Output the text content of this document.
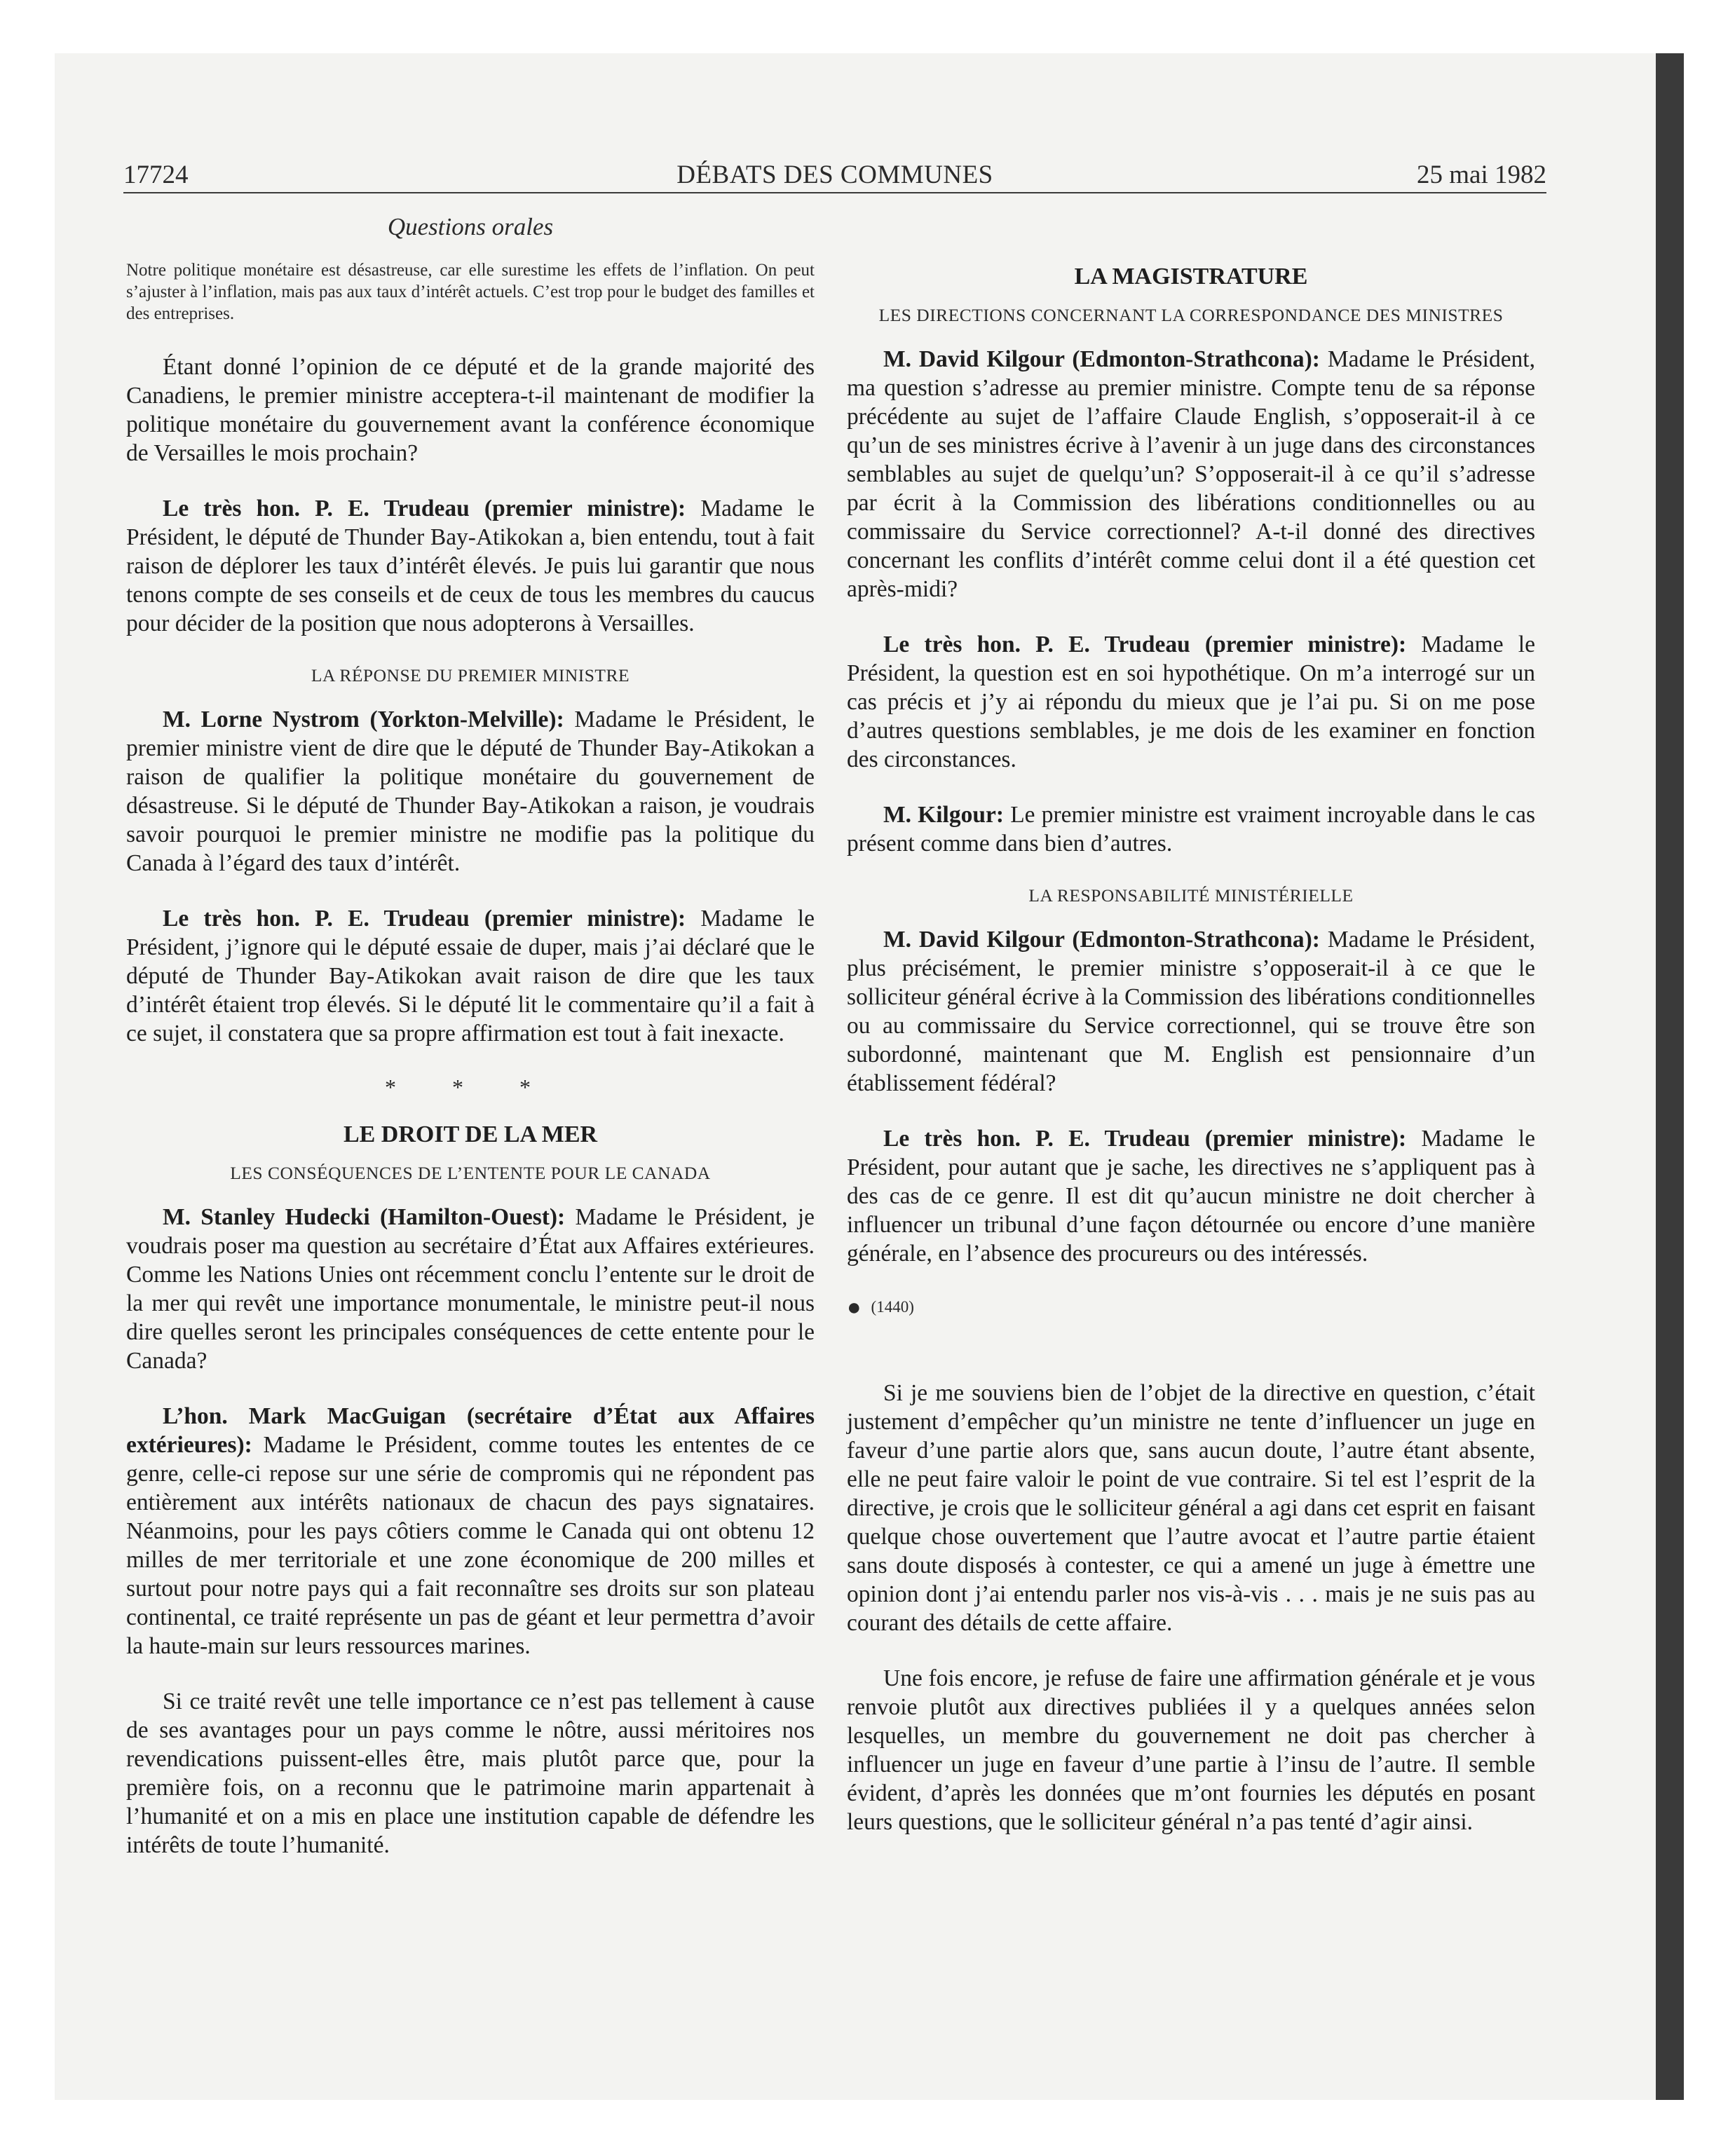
17724	DÉBATS DES COMMUNES	25 mai 1982
Questions orales
Notre politique monétaire est désastreuse, car elle surestime les effets de l’inflation. On peut s’ajuster à l’inflation, mais pas aux taux d’intérêt actuels. C’est trop pour le budget des familles et des entreprises.

Étant donné l’opinion de ce député et de la grande majorité des Canadiens, le premier ministre acceptera-t-il maintenant de modifier la politique monétaire du gouvernement avant la conférence économique de Versailles le mois prochain?

Le très hon. P. E. Trudeau (premier ministre): Madame le Président, le député de Thunder Bay-Atikokan a, bien entendu, tout à fait raison de déplorer les taux d’intérêt élevés. Je puis lui garantir que nous tenons compte de ses conseils et de ceux de tous les membres du caucus pour décider de la position que nous adopterons à Versailles.

LA RÉPONSE DU PREMIER MINISTRE

M. Lorne Nystrom (Yorkton-Melville): Madame le Président, le premier ministre vient de dire que le député de Thunder Bay-Atikokan a raison de qualifier la politique monétaire du gouvernement de désastreuse. Si le député de Thunder Bay-Atikokan a raison, je voudrais savoir pourquoi le premier ministre ne modifie pas la politique du Canada à l’égard des taux d’intérêt.

Le très hon. P. E. Trudeau (premier ministre): Madame le Président, j’ignore qui le député essaie de duper, mais j’ai déclaré que le député de Thunder Bay-Atikokan avait raison de dire que les taux d’intérêt étaient trop élevés. Si le député lit le commentaire qu’il a fait à ce sujet, il constatera que sa propre affirmation est tout à fait inexacte.

* * *
LE DROIT DE LA MER
LES CONSÉQUENCES DE L’ENTENTE POUR LE CANADA

M. Stanley Hudecki (Hamilton-Ouest): Madame le Président, je voudrais poser ma question au secrétaire d’État aux Affaires extérieures. Comme les Nations Unies ont récemment conclu l’entente sur le droit de la mer qui revêt une importance monumentale, le ministre peut-il nous dire quelles seront les principales conséquences de cette entente pour le Canada?

L’hon. Mark MacGuigan (secrétaire d’État aux Affaires extérieures): Madame le Président, comme toutes les ententes de ce genre, celle-ci repose sur une série de compromis qui ne répondent pas entièrement aux intérêts nationaux de chacun des pays signataires. Néanmoins, pour les pays côtiers comme le Canada qui ont obtenu 12 milles de mer territoriale et une zone économique de 200 milles et surtout pour notre pays qui a fait reconnaître ses droits sur son plateau continental, ce traité représente un pas de géant et leur permettra d’avoir la haute-main sur leurs ressources marines.

Si ce traité revêt une telle importance ce n’est pas tellement à cause de ses avantages pour un pays comme le nôtre, aussi méritoires nos revendications puissent-elles être, mais plutôt parce que, pour la première fois, on a reconnu que le patrimoine marin appartenait à l’humanité et on a mis en place une institution capable de défendre les intérêts de toute l’humanité.

LA MAGISTRATURE
LES DIRECTIONS CONCERNANT LA CORRESPONDANCE DES MINISTRES

M. David Kilgour (Edmonton-Strathcona): Madame le Président, ma question s’adresse au premier ministre. Compte tenu de sa réponse précédente au sujet de l’affaire Claude English, s’opposerait-il à ce qu’un de ses ministres écrive à l’avenir à un juge dans des circonstances semblables au sujet de quelqu’un? S’opposerait-il à ce qu’il s’adresse par écrit à la Commission des libérations conditionnelles ou au commissaire du Service correctionnel? A-t-il donné des directives concernant les conflits d’intérêt comme celui dont il a été question cet après-midi?

Le très hon. P. E. Trudeau (premier ministre): Madame le Président, la question est en soi hypothétique. On m’a interrogé sur un cas précis et j’y ai répondu du mieux que je l’ai pu. Si on me pose d’autres questions semblables, je me dois de les examiner en fonction des circonstances.

M. Kilgour: Le premier ministre est vraiment incroyable dans le cas présent comme dans bien d’autres.

LA RESPONSABILITÉ MINISTÉRIELLE

M. David Kilgour (Edmonton-Strathcona): Madame le Président, plus précisément, le premier ministre s’opposerait-il à ce que le solliciteur général écrive à la Commission des libérations conditionnelles ou au commissaire du Service correctionnel, qui se trouve être son subordonné, maintenant que M. English est pensionnaire d’un établissement fédéral?

Le très hon. P. E. Trudeau (premier ministre): Madame le Président, pour autant que je sache, les directives ne s’appliquent pas à des cas de ce genre. Il est dit qu’aucun ministre ne doit chercher à influencer un tribunal d’une façon détournée ou encore d’une manière générale, en l’absence des procureurs ou des intéressés.

● (1440)

Si je me souviens bien de l’objet de la directive en question, c’était justement d’empêcher qu’un ministre ne tente d’influencer un juge en faveur d’une partie alors que, sans aucun doute, l’autre étant absente, elle ne peut faire valoir le point de vue contraire. Si tel est l’esprit de la directive, je crois que le solliciteur général a agi dans cet esprit en faisant quelque chose ouvertement que l’autre avocat et l’autre partie étaient sans doute disposés à contester, ce qui a amené un juge à émettre une opinion dont j’ai entendu parler nos vis-à-vis . . . mais je ne suis pas au courant des détails de cette affaire.

Une fois encore, je refuse de faire une affirmation générale et je vous renvoie plutôt aux directives publiées il y a quelques années selon lesquelles, un membre du gouvernement ne doit pas chercher à influencer un juge en faveur d’une partie à l’insu de l’autre. Il semble évident, d’après les données que m’ont fournies les députés en posant leurs questions, que le solliciteur général n’a pas tenté d’agir ainsi.
